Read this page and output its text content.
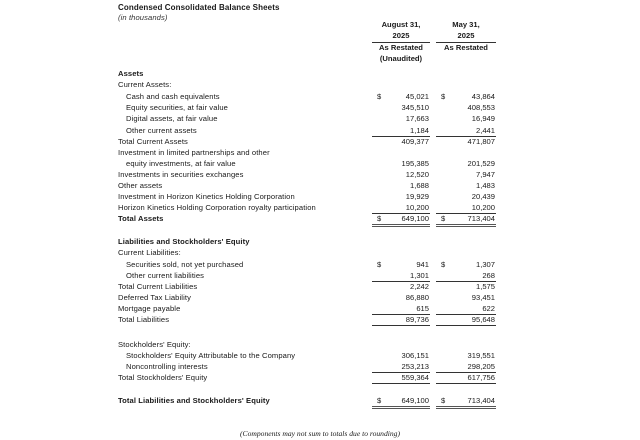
Condensed Consolidated Balance Sheets
(in thousands)
August 31,
2025
As Restated
(Unaudited)
May 31,
2025
As Restated
Assets
Current Assets:
Cash and cash equivalents	$	45,021 $	43,864
Equity securities, at fair value	345,510	408,553
Digital assets, at fair value	17,663	16,949
Other current assets	1,184	2,441
Total Current Assets	409,377	471,807
Investment in limited partnerships and other
equity investments, at fair value	195,385	201,529
Investments in securities exchanges	12,520	7,947
Other assets	1,688	1,483
Investment in Horizon Kinetics Holding Corporation	19,929	20,439
Horizon Kinetics Holding Corporation royalty participation	10,200	10,200
Total Assets	$	649,100 $	713,404
Liabilities and Stockholders' Equity
Current Liabilities:
Securities sold, not yet purchased	$	941 $	1,307
Other current liabilities	1,301	268
Total Current Liabilities	2,242	1,575
Deferred Tax Liability	86,880	93,451
Mortgage payable	615	622
Total Liabilities	89,736	95,648
Stockholders' Equity:
Stockholders' Equity Attributable to the Company	306,151	319,551
Noncontrolling interests	253,213	298,205
Total Stockholders' Equity	559,364	617,756
Total Liabilities and Stockholders' Equity	$	649,100 $	713,404
(Components may not sum to totals due to rounding)
